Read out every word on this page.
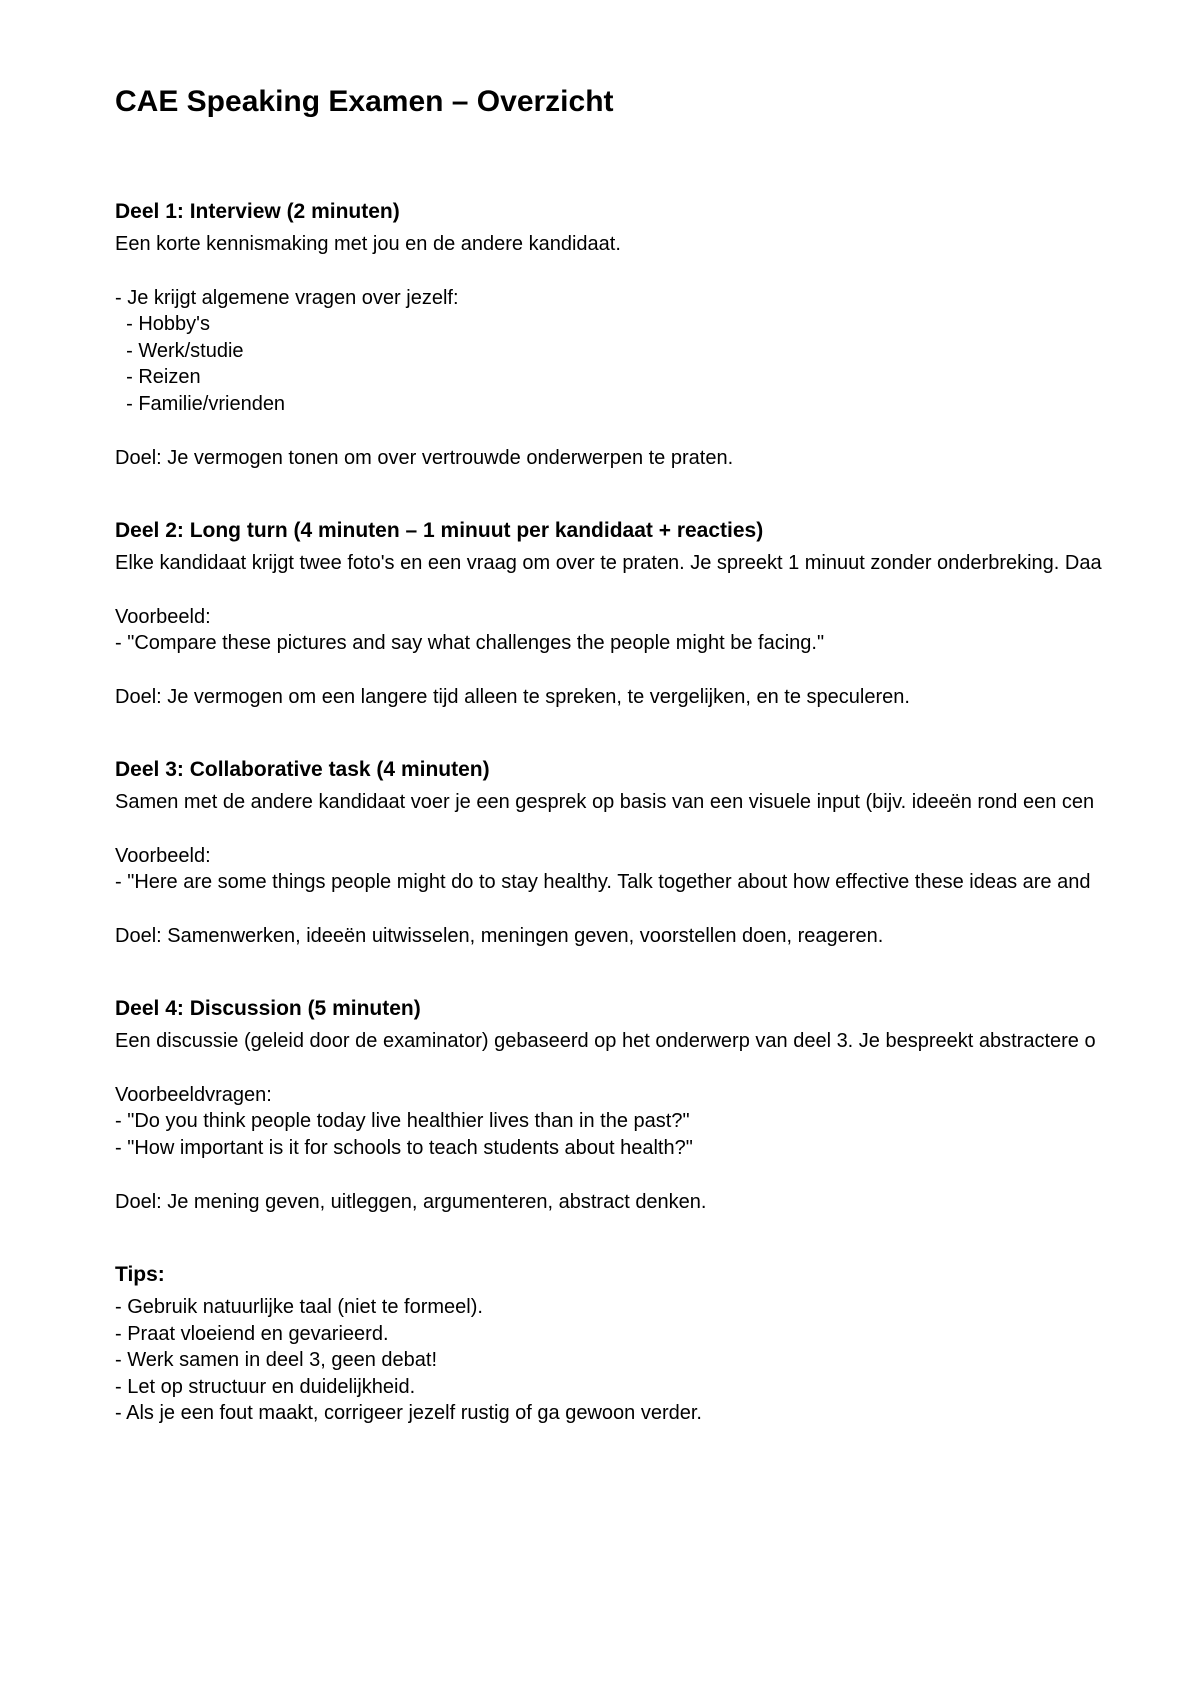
CAE Speaking Examen – Overzicht
Deel 1: Interview (2 minuten)
Een korte kennismaking met jou en de andere kandidaat.
- Je krijgt algemene vragen over jezelf:
- Hobby's
- Werk/studie
- Reizen
- Familie/vrienden
Doel: Je vermogen tonen om over vertrouwde onderwerpen te praten.
Deel 2: Long turn (4 minuten – 1 minuut per kandidaat + reacties)
Elke kandidaat krijgt twee foto's en een vraag om over te praten. Je spreekt 1 minuut zonder onderbreking. Daa
Voorbeeld:
- "Compare these pictures and say what challenges the people might be facing."
Doel: Je vermogen om een langere tijd alleen te spreken, te vergelijken, en te speculeren.
Deel 3: Collaborative task (4 minuten)
Samen met de andere kandidaat voer je een gesprek op basis van een visuele input (bijv. ideeën rond een cen
Voorbeeld:
- "Here are some things people might do to stay healthy. Talk together about how effective these ideas are and
Doel: Samenwerken, ideeën uitwisselen, meningen geven, voorstellen doen, reageren.
Deel 4: Discussion (5 minuten)
Een discussie (geleid door de examinator) gebaseerd op het onderwerp van deel 3. Je bespreekt abstractere o
Voorbeeldvragen:
- "Do you think people today live healthier lives than in the past?"
- "How important is it for schools to teach students about health?"
Doel: Je mening geven, uitleggen, argumenteren, abstract denken.
Tips:
- Gebruik natuurlijke taal (niet te formeel).
- Praat vloeiend en gevarieerd.
- Werk samen in deel 3, geen debat!
- Let op structuur en duidelijkheid.
- Als je een fout maakt, corrigeer jezelf rustig of ga gewoon verder.
